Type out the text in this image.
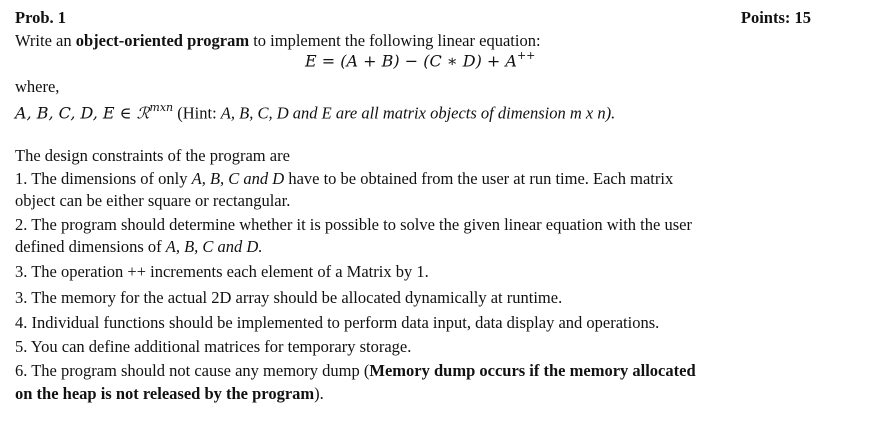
Prob. 1	Points: 15
Write an object-oriented program to implement the following linear equation:
E = (A + B) − (C ∗ D) + A++
where,
A, B, C, D, E ∈ ℛ$^{mxn}$ (Hint: A, B, C, D and E are all matrix objects of dimension m x n).
The design constraints of the program are
1. The dimensions of only A, B, C and D have to be obtained from the user at run time. Each matrix
object can be either square or rectangular.
2. The program should determine whether it is possible to solve the given linear equation with the user
defined dimensions of A, B, C and D.
3. The operation ++ increments each element of a Matrix by 1.
3. The memory for the actual 2D array should be allocated dynamically at runtime.
4. Individual functions should be implemented to perform data input, data display and operations.
5. You can define additional matrices for temporary storage.
6. The program should not cause any memory dump (Memory dump occurs if the memory allocated
on the heap is not released by the program).
